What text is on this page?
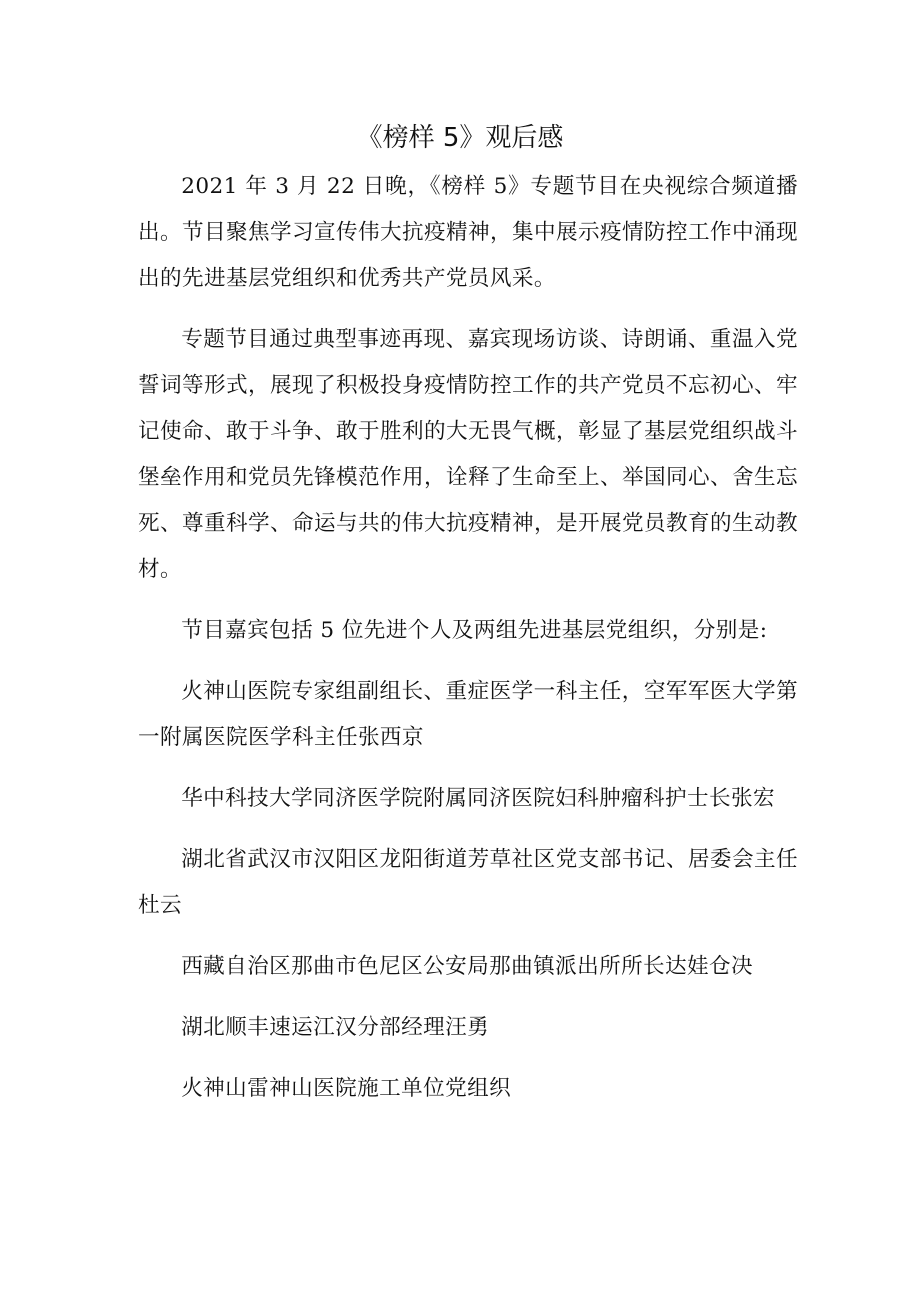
《榜样 5》观后感

2021 年 3 月 22 日晚，《榜样 5》专题节目在央视综合频道播出。节目聚焦学习宣传伟大抗疫精神，集中展示疫情防控工作中涌现出的先进基层党组织和优秀共产党员风采。

专题节目通过典型事迹再现、嘉宾现场访谈、诗朗诵、重温入党誓词等形式，展现了积极投身疫情防控工作的共产党员不忘初心、牢记使命、敢于斗争、敢于胜利的大无畏气概，彰显了基层党组织战斗堡垒作用和党员先锋模范作用，诠释了生命至上、举国同心、舍生忘死、尊重科学、命运与共的伟大抗疫精神，是开展党员教育的生动教材。

节目嘉宾包括 5 位先进个人及两组先进基层党组织，分别是:

火神山医院专家组副组长、重症医学一科主任，空军军医大学第一附属医院医学科主任张西京

华中科技大学同济医学院附属同济医院妇科肿瘤科护士长张宏

湖北省武汉市汉阳区龙阳街道芳草社区党支部书记、居委会主任杜云

西藏自治区那曲市色尼区公安局那曲镇派出所所长达娃仓决

湖北顺丰速运江汉分部经理汪勇

火神山雷神山医院施工单位党组织
